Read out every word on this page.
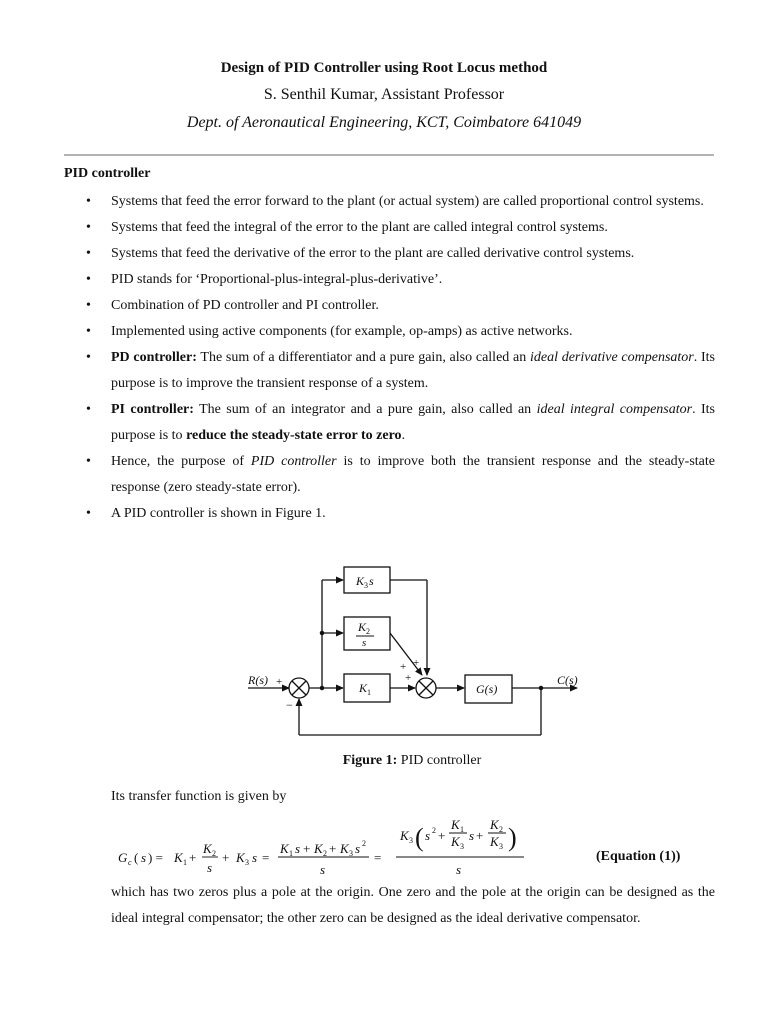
Design of PID Controller using Root Locus method
S. Senthil Kumar, Assistant Professor
Dept. of Aeronautical Engineering, KCT, Coimbatore 641049
PID controller
• Systems that feed the error forward to the plant (or actual system) are called proportional control systems.
• Systems that feed the integral of the error to the plant are called integral control systems.
• Systems that feed the derivative of the error to the plant are called derivative control systems.
• PID stands for ‘Proportional-plus-integral-plus-derivative’.
• Combination of PD controller and PI controller.
• Implemented using active components (for example, op-amps) as active networks.
• PD controller: The sum of a differentiator and a pure gain, also called an ideal derivative compensator. Its purpose is to improve the transient response of a system.
• PI controller: The sum of an integrator and a pure gain, also called an ideal integral compensator. Its purpose is to reduce the steady-state error to zero.
• Hence, the purpose of PID controller is to improve both the transient response and the steady-state response (zero steady-state error).
• A PID controller is shown in Figure 1.
R(s)	C(s)
+
−
+
+
+
K 3 s
K 2
s
K 1	G(s)
Figure 1: PID controller
Its transfer function is given by
G c ( s ) = K 1 +
K 2
s
+ K 3 s =
K 1 s + K 2 + K 3 s 2
s
=
K 3 ( s 2 +
K 1
K 3
s +
K 2
K 3 )
s
(Equation (1))
which has two zeros plus a pole at the origin. One zero and the pole at the origin can be designed as the ideal integral compensator; the other zero can be designed as the ideal derivative compensator.
